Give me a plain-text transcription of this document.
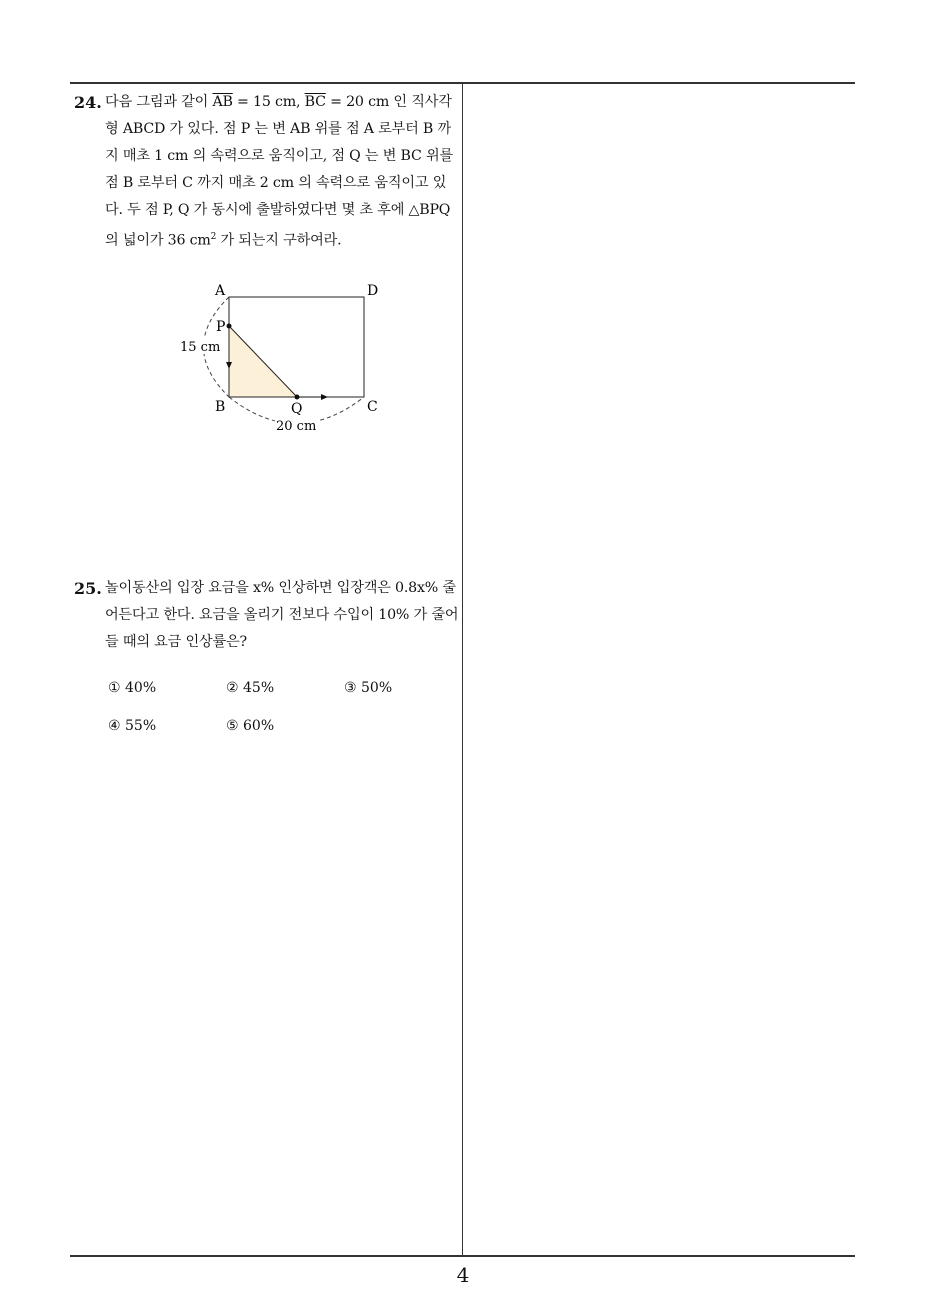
24. 다음 그림과 같이 $\overline{AB} = 15$ cm, $\overline{BC} = 20$ cm 인 직사각형 ABCD 가 있다. 점 P 는 변 AB 위를 점 A 로부터 B 까지 매초 1 cm 의 속력으로 움직이고, 점 Q 는 변 BC 위를 점 B 로부터 C 까지 매초 2 cm 의 속력으로 움직이고 있다. 두 점 P, Q 가 동시에 출발하였다면 몇 초 후에 △BPQ 의 넓이가 36 $cm^2$ 가 되는지 구하여라.
A	D
P
B	Q	C
15 cm
20 cm
25. 놀이동산의 입장 요금을 x% 인상하면 입장객은 0.8x% 줄어든다고 한다. 요금을 올리기 전보다 수입이 10% 가 줄어들 때의 요금 인상률은?
① 40%	② 45%	③ 50%
④ 55%	⑤ 60%
4
